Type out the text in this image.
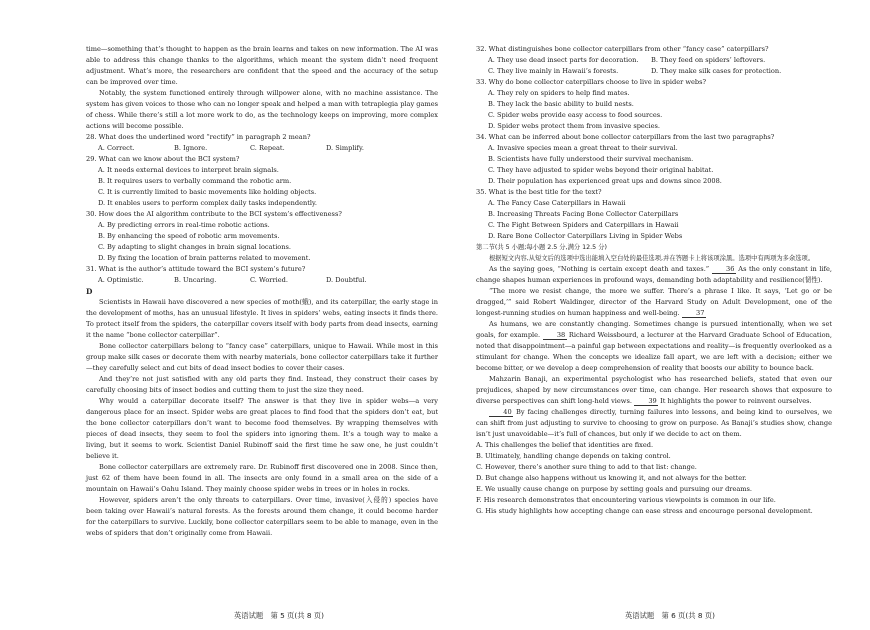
time—something that’s thought to happen as the brain learns and takes on new information. The AI was able to address this change thanks to the algorithms, which meant the system didn’t need frequent adjustment. What’s more, the researchers are confident that the speed and the accuracy of the setup can be improved over time.

Notably, the system functioned entirely through willpower alone, with no machine assistance. The system has given voices to those who can no longer speak and helped a man with tetraplegia play games of chess. While there’s still a lot more work to do, as the technology keeps on improving, more complex actions will become possible.

28. What does the underlined word “rectify” in paragraph 2 mean?

A. Correct.	B. Ignore.	C. Repeat.	D. Simplify.

29. What can we know about the BCI system?

A. It needs external devices to interpret brain signals.

B. It requires users to verbally command the robotic arm.

C. It is currently limited to basic movements like holding objects.

D. It enables users to perform complex daily tasks independently.

30. How does the AI algorithm contribute to the BCI system’s effectiveness?

A. By predicting errors in real-time robotic actions.

B. By enhancing the speed of robotic arm movements.

C. By adapting to slight changes in brain signal locations.

D. By fixing the location of brain patterns related to movement.

31. What is the author’s attitude toward the BCI system’s future?

A. Optimistic.	B. Uncaring.	C. Worried.	D. Doubtful.

D

Scientists in Hawaii have discovered a new species of moth(蛾), and its caterpillar, the early stage in the development of moths, has an unusual lifestyle. It lives in spiders’ webs, eating insects it finds there. To protect itself from the spiders, the caterpillar covers itself with body parts from dead insects, earning it the name “bone collector caterpillar”.

Bone collector caterpillars belong to “fancy case” caterpillars, unique to Hawaii. While most in this group make silk cases or decorate them with nearby materials, bone collector caterpillars take it further—they carefully select and cut bits of dead insect bodies to cover their cases.

And they’re not just satisfied with any old parts they find. Instead, they construct their cases by carefully choosing bits of insect bodies and cutting them to just the size they need.

Why would a caterpillar decorate itself? The answer is that they live in spider webs—a very dangerous place for an insect. Spider webs are great places to find food that the spiders don’t eat, but the bone collector caterpillars don’t want to become food themselves. By wrapping themselves with pieces of dead insects, they seem to fool the spiders into ignoring them. It’s a tough way to make a living, but it seems to work. Scientist Daniel Rubinoff said the first time he saw one, he just couldn’t believe it.

Bone collector caterpillars are extremely rare. Dr. Rubinoff first discovered one in 2008. Since then, just 62 of them have been found in all. The insects are only found in a small area on the side of a mountain on Hawaii’s Oahu Island. They mainly choose spider webs in trees or in holes in rocks.

However, spiders aren’t the only threats to caterpillars. Over time, invasive(入侵的) species have been taking over Hawaii’s natural forests. As the forests around them change, it could become harder for the caterpillars to survive. Luckily, bone collector caterpillars seem to be able to manage, even in the webs of spiders that don’t originally come from Hawaii.

32. What distinguishes bone collector caterpillars from other “fancy case” caterpillars?

A. They use dead insect parts for decoration.	B. They feed on spiders’ leftovers.
C. They live mainly in Hawaii’s forests.	D. They make silk cases for protection.

33. Why do bone collector caterpillars choose to live in spider webs?

A. They rely on spiders to help find mates.

B. They lack the basic ability to build nests.

C. Spider webs provide easy access to food sources.

D. Spider webs protect them from invasive species.

34. What can be inferred about bone collector caterpillars from the last two paragraphs?

A. Invasive species mean a great threat to their survival.

B. Scientists have fully understood their survival mechanism.

C. They have adjusted to spider webs beyond their original habitat.

D. Their population has experienced great ups and downs since 2008.

35. What is the best title for the text?

A. The Fancy Case Caterpillars in Hawaii

B. Increasing Threats Facing Bone Collector Caterpillars

C. The Fight Between Spiders and Caterpillars in Hawaii

D. Rare Bone Collector Caterpillars Living in Spider Webs

第二节(共 5 小题;每小题 2.5 分,满分 12.5 分)

根据短文内容,从短文后的选项中选出能填入空白处的最佳选项,并在答题卡上将该项涂黑。选项中有两项为多余选项。

As the saying goes, “Nothing is certain except death and taxes.”	36 As the only constant in life, change shapes human experiences in profound ways, demanding both adaptability and resilience(韧性).

“The more we resist change, the more we suffer. There’s a phrase I like. It says, ‘Let go or be dragged,’” said Robert Waldinger, director of the Harvard Study on Adult Development, one of the longest-running studies on human happiness and well-being. 37

As humans, we are constantly changing. Sometimes change is pursued intentionally, when we set goals, for example.	38 Richard Weissbourd, a lecturer at the Harvard Graduate School of Education, noted that disappointment—a painful gap between expectations and reality—is frequently overlooked as a stimulant for change. When the concepts we idealize fall apart, we are left with a decision; either we become bitter, or we develop a deep comprehension of reality that boosts our ability to bounce back.

Mahzarin Banaji, an experimental psychologist who has researched beliefs, stated that even our prejudices, shaped by new circumstances over time, can change. Her research shows that exposure to diverse perspectives can shift long-held views. 39 It highlights the power to reinvent ourselves.

40 By facing challenges directly, turning failures into lessons, and being kind to ourselves, we can shift from just adjusting to survive to choosing to grow on purpose. As Banaji’s studies show, change isn’t just unavoidable—it’s full of chances, but only if we decide to act on them.

A. This challenges the belief that identities are fixed.

B. Ultimately, handling change depends on taking control.

C. However, there’s another sure thing to add to that list: change.

D. But change also happens without us knowing it, and not always for the better.

E. We usually cause change on purpose by setting goals and pursuing our dreams.

F. His research demonstrates that encountering various viewpoints is common in our life.

G. His study highlights how accepting change can ease stress and encourage personal development.

英语试题　第 5 页(共 8 页)	英语试题　第 6 页(共 8 页)
